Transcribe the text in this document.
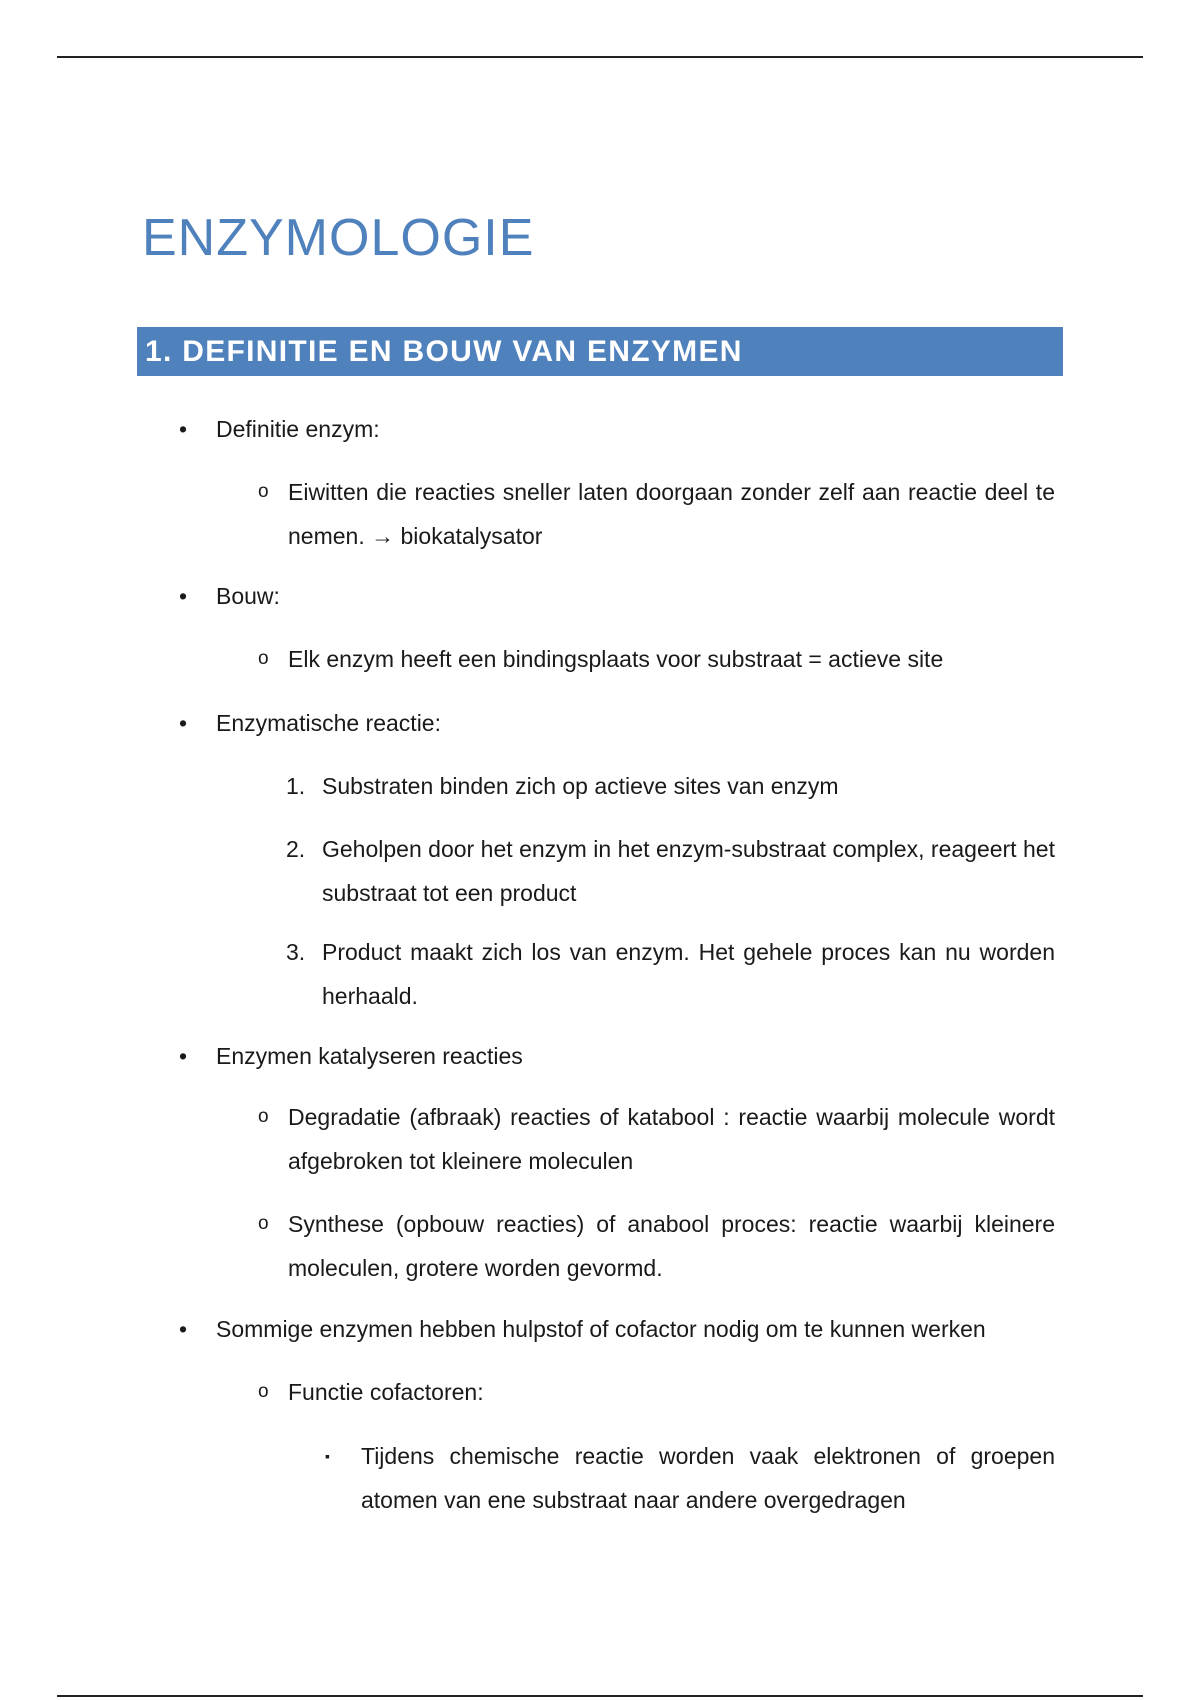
ENZYMOLOGIE
1. DEFINITIE EN BOUW VAN ENZYMEN
• Definitie enzym:
o Eiwitten die reacties sneller laten doorgaan zonder zelf aan reactie deel te nemen. → biokatalysator
• Bouw:
o Elk enzym heeft een bindingsplaats voor substraat = actieve site
• Enzymatische reactie:
1. Substraten binden zich op actieve sites van enzym
2. Geholpen door het enzym in het enzym-substraat complex, reageert het substraat tot een product
3. Product maakt zich los van enzym. Het gehele proces kan nu worden herhaald.
• Enzymen katalyseren reacties
o Degradatie (afbraak) reacties of katabool : reactie waarbij molecule wordt afgebroken tot kleinere moleculen
o Synthese (opbouw reacties) of anabool proces: reactie waarbij kleinere moleculen, grotere worden gevormd.
• Sommige enzymen hebben hulpstof of cofactor nodig om te kunnen werken
o Functie cofactoren:
▪ Tijdens chemische reactie worden vaak elektronen of groepen atomen van ene substraat naar andere overgedragen
